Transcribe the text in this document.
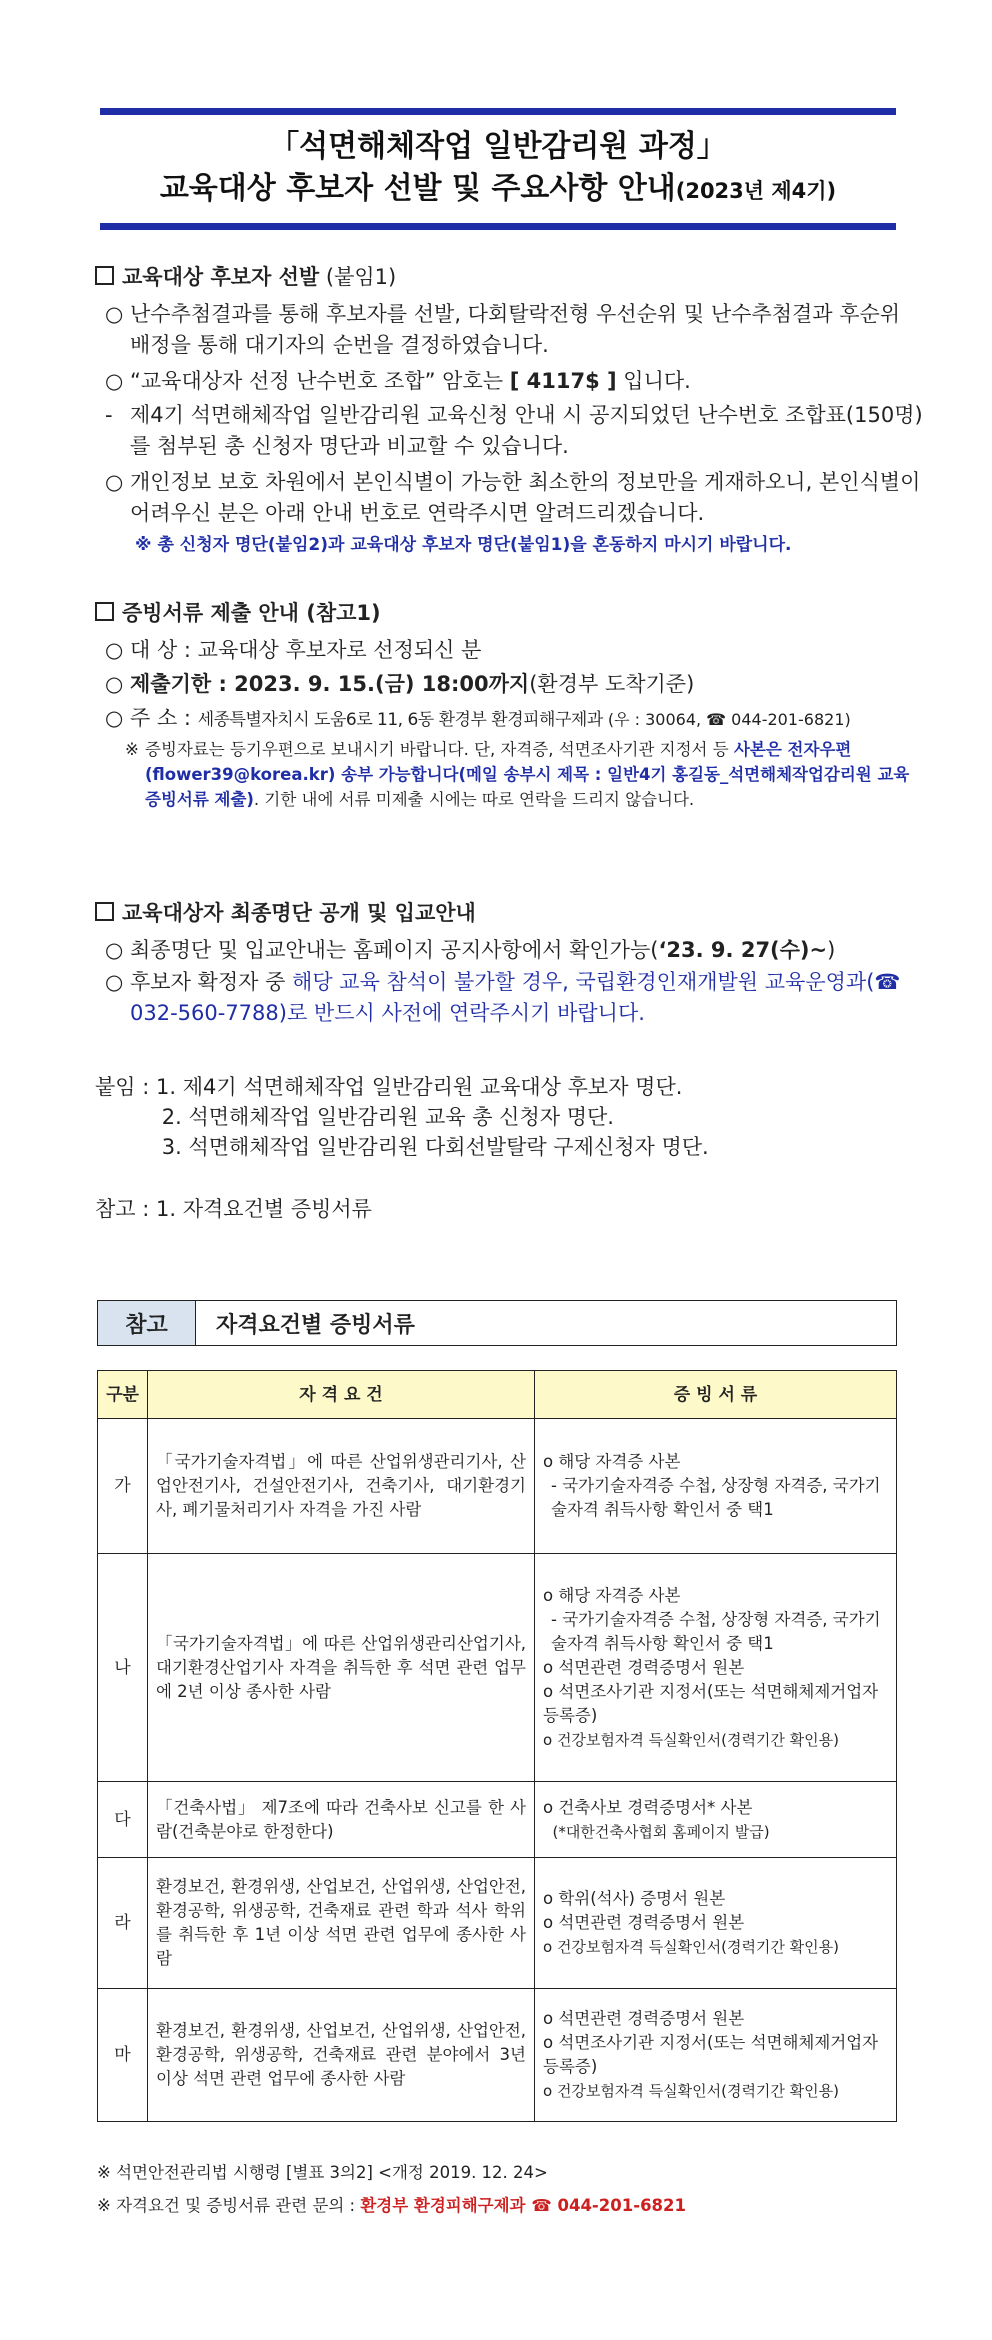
「석면해체작업 일반감리원 과정」
교육대상 후보자 선발 및 주요사항 안내(2023년 제4기)
교육대상 후보자 선발 (붙임1)
○ 난수추첨결과를 통해 후보자를 선발, 다회탈락전형 우선순위 및 난수추첨결과 후순위 배정을 통해 대기자의 순번을 결정하였습니다.
○ “교육대상자 선정 난수번호 조합” 암호는 [ 4117$ ] 입니다.
- 제4기 석면해체작업 일반감리원 교육신청 안내 시 공지되었던 난수번호 조합표(150명)를 첨부된 총 신청자 명단과 비교할 수 있습니다.
○ 개인정보 보호 차원에서 본인식별이 가능한 최소한의 정보만을 게재하오니, 본인식별이 어려우신 분은 아래 안내 번호로 연락주시면 알려드리겠습니다.
※ 총 신청자 명단(붙임2)과 교육대상 후보자 명단(붙임1)을 혼동하지 마시기 바랍니다.
증빙서류 제출 안내 (참고1)
○ 대 상 : 교육대상 후보자로 선정되신 분
○ 제출기한 : 2023. 9. 15.(금) 18:00까지(환경부 도착기준)
○ 주 소 : 세종특별자치시 도움6로 11, 6동 환경부 환경피해구제과 (우 : 30064, ☎ 044-201-6821)
※ 증빙자료는 등기우편으로 보내시기 바랍니다. 단, 자격증, 석면조사기관 지정서 등 사본은 전자우편(flower39@korea.kr) 송부 가능합니다(메일 송부시 제목 : 일반4기 홍길동_석면해체작업감리원 교육 증빙서류 제출). 기한 내에 서류 미제출 시에는 따로 연락을 드리지 않습니다.
교육대상자 최종명단 공개 및 입교안내
○ 최종명단 및 입교안내는 홈페이지 공지사항에서 확인가능(‘23. 9. 27(수)~)
○ 후보자 확정자 중 해당 교육 참석이 불가할 경우, 국립환경인재개발원 교육운영과(☎ 032-560-7788)로 반드시 사전에 연락주시기 바랍니다.
붙임 : 1. 제4기 석면해체작업 일반감리원 교육대상 후보자 명단.
2. 석면해체작업 일반감리원 교육 총 신청자 명단.
3. 석면해체작업 일반감리원 다회선발탈락 구제신청자 명단.
참고 : 1. 자격요건별 증빙서류
참고	자격요건별 증빙서류
구분	자 격 요 건	증 빙 서 류
가	「국가기술자격법」에 따른 산업위생관리기사, 산업안전기사, 건설안전기사, 건축기사, 대기환경기사, 폐기물처리기사 자격을 가진 사람	o 해당 자격증 사본
- 국가기술자격증 수첩, 상장형 자격증, 국가기술자격 취득사항 확인서 중 택1

나	「국가기술자격법」에 따른 산업위생관리산업기사, 대기환경산업기사 자격을 취득한 후 석면 관련 업무에 2년 이상 종사한 사람	o 해당 자격증 사본
- 국가기술자격증 수첩, 상장형 자격증, 국가기술자격 취득사항 확인서 중 택1
o 석면관련 경력증명서 원본
o 석면조사기관 지정서(또는 석면해체제거업자 등록증)
o 건강보험자격 득실확인서(경력기간 확인용)

다	「건축사법」 제7조에 따라 건축사보 신고를 한 사람(건축분야로 한정한다)	o 건축사보 경력증명서* 사본
(*대한건축사협회 홈페이지 발급)

라	환경보건, 환경위생, 산업보건, 산업위생, 산업안전, 환경공학, 위생공학, 건축재료 관련 학과 석사 학위를 취득한 후 1년 이상 석면 관련 업무에 종사한 사람	o 학위(석사) 증명서 원본
o 석면관련 경력증명서 원본
o 건강보험자격 득실확인서(경력기간 확인용)

마	환경보건, 환경위생, 산업보건, 산업위생, 산업안전, 환경공학, 위생공학, 건축재료 관련 분야에서 3년 이상 석면 관련 업무에 종사한 사람	o 석면관련 경력증명서 원본
o 석면조사기관 지정서(또는 석면해체제거업자 등록증)
o 건강보험자격 득실확인서(경력기간 확인용)
※ 석면안전관리법 시행령 [별표 3의2] <개정 2019. 12. 24>
※ 자격요건 및 증빙서류 관련 문의 : 환경부 환경피해구제과 ☎ 044-201-6821
